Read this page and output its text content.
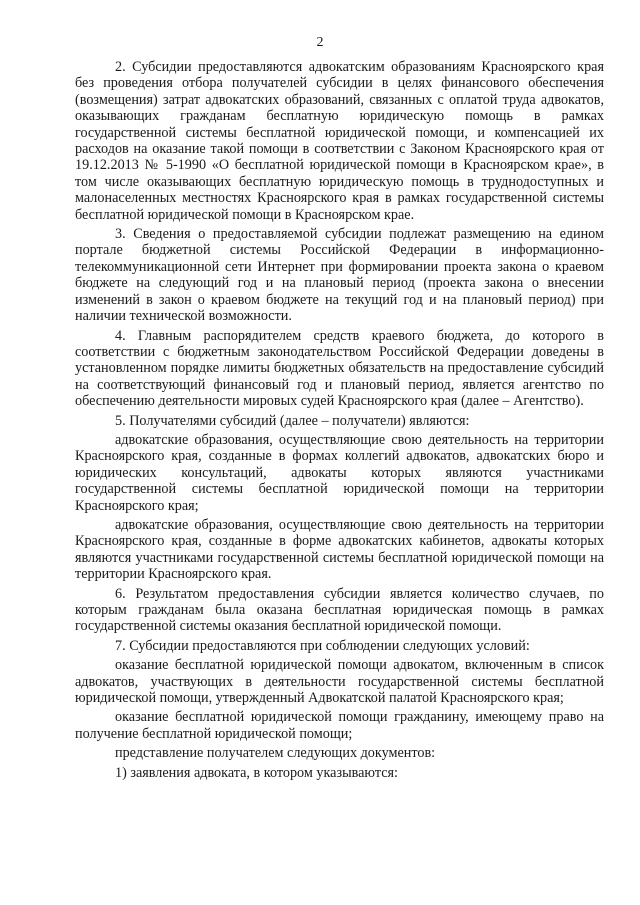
2

2. Субсидии предоставляются адвокатским образованиям Красноярского края без проведения отбора получателей субсидии в целях финансового обеспечения (возмещения) затрат адвокатских образований, связанных с оплатой труда адвокатов, оказывающих гражданам бесплатную юридическую помощь в рамках государственной системы бесплатной юридической помощи, и компенсацией их расходов на оказание такой помощи в соответствии с Законом Красноярского края от 19.12.2013 № 5-1990 «О бесплатной юридической помощи в Красноярском крае», в том числе оказывающих бесплатную юридическую помощь в труднодоступных и малонаселенных местностях Красноярского края в рамках государственной системы бесплатной юридической помощи в Красноярском крае.

3. Сведения о предоставляемой субсидии подлежат размещению на едином портале бюджетной системы Российской Федерации в информационно-телекоммуникационной сети Интернет при формировании проекта закона о краевом бюджете на следующий год и на плановый период (проекта закона о внесении изменений в закон о краевом бюджете на текущий год и на плановый период) при наличии технической возможности.

4. Главным распорядителем средств краевого бюджета, до которого в соответствии с бюджетным законодательством Российской Федерации доведены в установленном порядке лимиты бюджетных обязательств на предоставление субсидий на соответствующий финансовый год и плановый период, является агентство по обеспечению деятельности мировых судей Красноярского края (далее – Агентство).

5. Получателями субсидий (далее – получатели) являются:

адвокатские образования, осуществляющие свою деятельность на территории Красноярского края, созданные в формах коллегий адвокатов, адвокатских бюро и юридических консультаций, адвокаты которых являются участниками государственной системы бесплатной юридической помощи на территории Красноярского края;

адвокатские образования, осуществляющие свою деятельность на территории Красноярского края, созданные в форме адвокатских кабинетов, адвокаты которых являются участниками государственной системы бесплатной юридической помощи на территории Красноярского края.

6. Результатом предоставления субсидии является количество случаев, по которым гражданам была оказана бесплатная юридическая помощь в рамках государственной системы оказания бесплатной юридической помощи.

7. Субсидии предоставляются при соблюдении следующих условий:

оказание бесплатной юридической помощи адвокатом, включенным в список адвокатов, участвующих в деятельности государственной системы бесплатной юридической помощи, утвержденный Адвокатской палатой Красноярского края;

оказание бесплатной юридической помощи гражданину, имеющему право на получение бесплатной юридической помощи;

представление получателем следующих документов:

1) заявления адвоката, в котором указываются:
